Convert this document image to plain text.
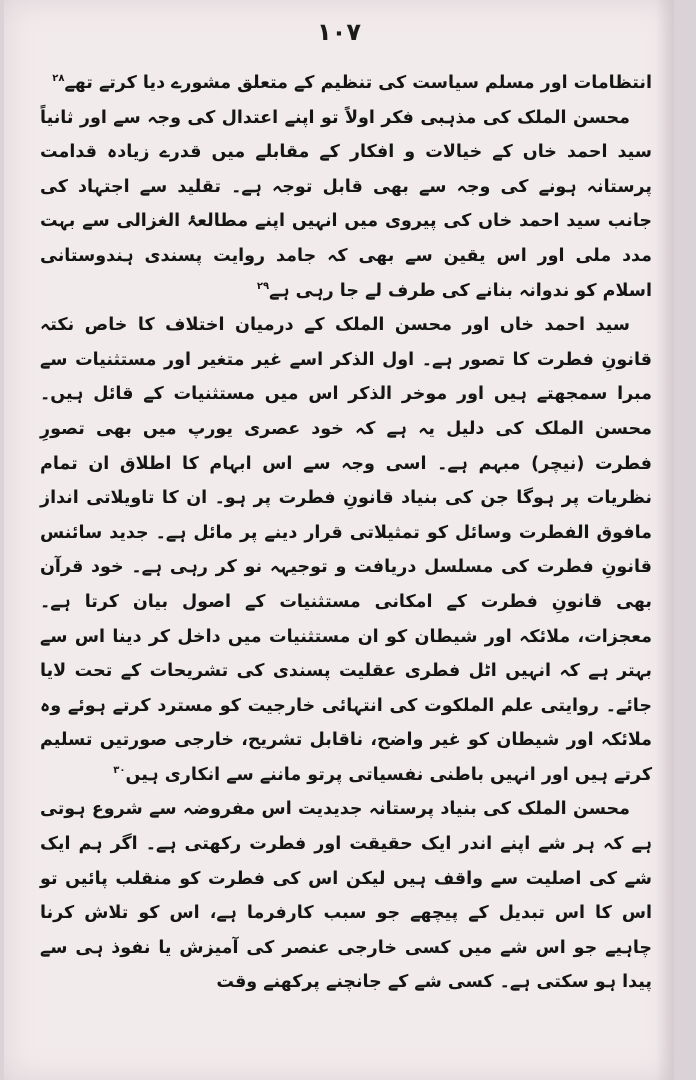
۱۰۷

انتظامات اور مسلم سیاست کی تنظیم کے متعلق مشورے دیا کرتے تھے$^{۲۸}$

محسن الملک کی مذہبی فکر اولاً تو اپنے اعتدال کی وجہ سے اور ثانیاً سید احمد خاں کے خیالات و افکار کے مقابلے میں قدرے زیادہ قدامت پرستانہ ہونے کی وجہ سے بھی قابل توجہ ہے۔ تقلید سے اجتہاد کی جانب سید احمد خاں کی پیروی میں انہیں اپنے مطالعۂ الغزالی سے بہت مدد ملی اور اس یقین سے بھی کہ جامد روایت پسندی ہندوستانی اسلام کو ندوانہ بنانے کی طرف لے جا رہی ہے$^{۲۹}$

سید احمد خاں اور محسن الملک کے درمیان اختلاف کا خاص نکتہ قانونِ فطرت کا تصور ہے۔ اول الذکر اسے غیر متغیر اور مستثنیات سے مبرا سمجھتے ہیں اور موخر الذکر اس میں مستثنیات کے قائل ہیں۔ محسن الملک کی دلیل یہ ہے کہ خود عصری یورپ میں بھی تصورِ فطرت (نیچر) مبہم ہے۔ اسی وجہ سے اس ابہام کا اطلاق ان تمام نظریات پر ہوگا جن کی بنیاد قانونِ فطرت پر ہو۔ ان کا تاویلاتی انداز مافوق الفطرت وسائل کو تمثیلاتی قرار دینے پر مائل ہے۔ جدید سائنس قانونِ فطرت کی مسلسل دریافت و توجیہہ نو کر رہی ہے۔ خود قرآن بھی قانونِ فطرت کے امکانی مستثنیات کے اصول بیان کرتا ہے۔ معجزات، ملائکہ اور شیطان کو ان مستثنیات میں داخل کر دینا اس سے بہتر ہے کہ انہیں اٹل فطری عقلیت پسندی کی تشریحات کے تحت لایا جائے۔ روایتی علم الملکوت کی انتہائی خارجیت کو مسترد کرتے ہوئے وہ ملائکہ اور شیطان کو غیر واضح، ناقابل تشریح، خارجی صورتیں تسلیم کرتے ہیں اور انہیں باطنی نفسیاتی پرتو ماننے سے انکاری ہیں$^{۳۰}$

محسن الملک کی بنیاد پرستانہ جدیدیت اس مفروضہ سے شروع ہوتی ہے کہ ہر شے اپنے اندر ایک حقیقت اور فطرت رکھتی ہے۔ اگر ہم ایک شے کی اصلیت سے واقف ہیں لیکن اس کی فطرت کو منقلب پائیں تو اس کا اس تبدیل کے پیچھے جو سبب کارفرما ہے، اس کو تلاش کرنا چاہیے جو اس شے میں کسی خارجی عنصر کی آمیزش یا نفوذ ہی سے پیدا ہو سکتی ہے۔ کسی شے کے جانچنے پرکھنے وقت
